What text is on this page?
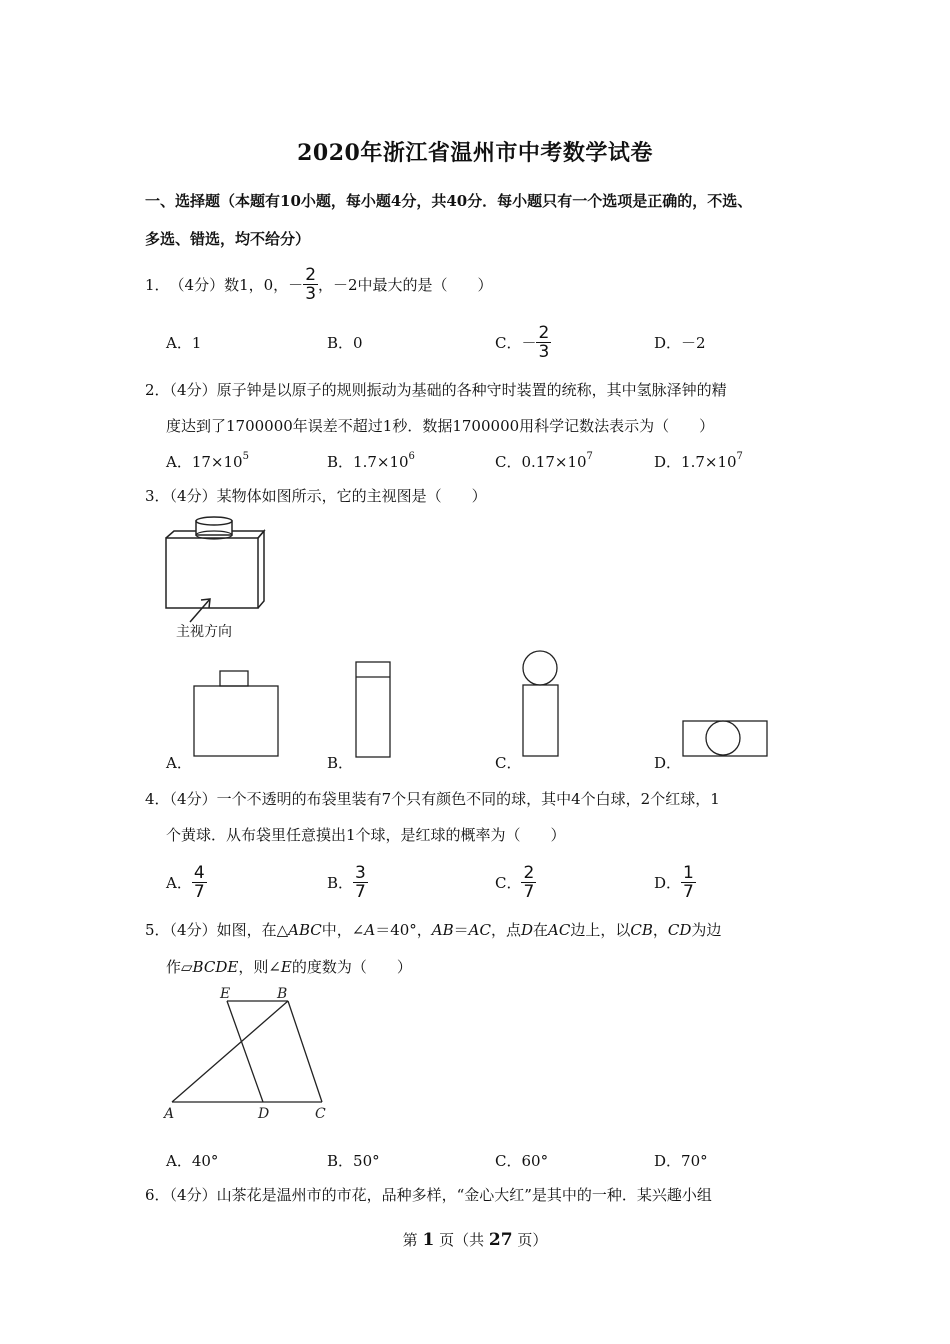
2020年浙江省温州市中考数学试卷
一、选择题（本题有10小题，每小题4分，共40分．每小题只有一个选项是正确的，不选、
多选、错选，均不给分）
1． （4分） 数1，0，－ $\frac{2}{3}$ ，－2中最大的是（　　）
A．1	B．0	C．－ $\frac{2}{3}$	D．－2
2．（4分）原子钟是以原子的规则振动为基础的各种守时装置的统称，其中氢脉泽钟的精
度达到了1700000年误差不超过1秒．数据1700000用科学记数法表示为（　　）
A．$17\times 10^5$	B．$1.7\times 10^6$	C．$0.17\times 10^7$	D．$1.7\times 10^7$
3．（4分）某物体如图所示，它的主视图是（　　）
主视方向
A．	B．	C．	D．
4．（4分）一个不透明的布袋里装有7个只有颜色不同的球，其中4个白球，2个红球，1
个黄球．从布袋里任意摸出1个球，是红球的概率为（　　）
A． $\frac{4}{7}$	B． $\frac{3}{7}$	C． $\frac{2}{7}$	D． $\frac{1}{7}$
5．（4分）如图，在△ABC中，∠A＝40°，AB＝AC，点D在AC边上，以CB，CD为边
作▱BCDE，则∠E的度数为（　　）
E	B
A	D	C
A．40°	B．50°	C．60°	D．70°
6．（4分）山茶花是温州市的市花，品种多样，“金心大红”是其中的一种．某兴趣小组
第 1 页（共 27 页）
